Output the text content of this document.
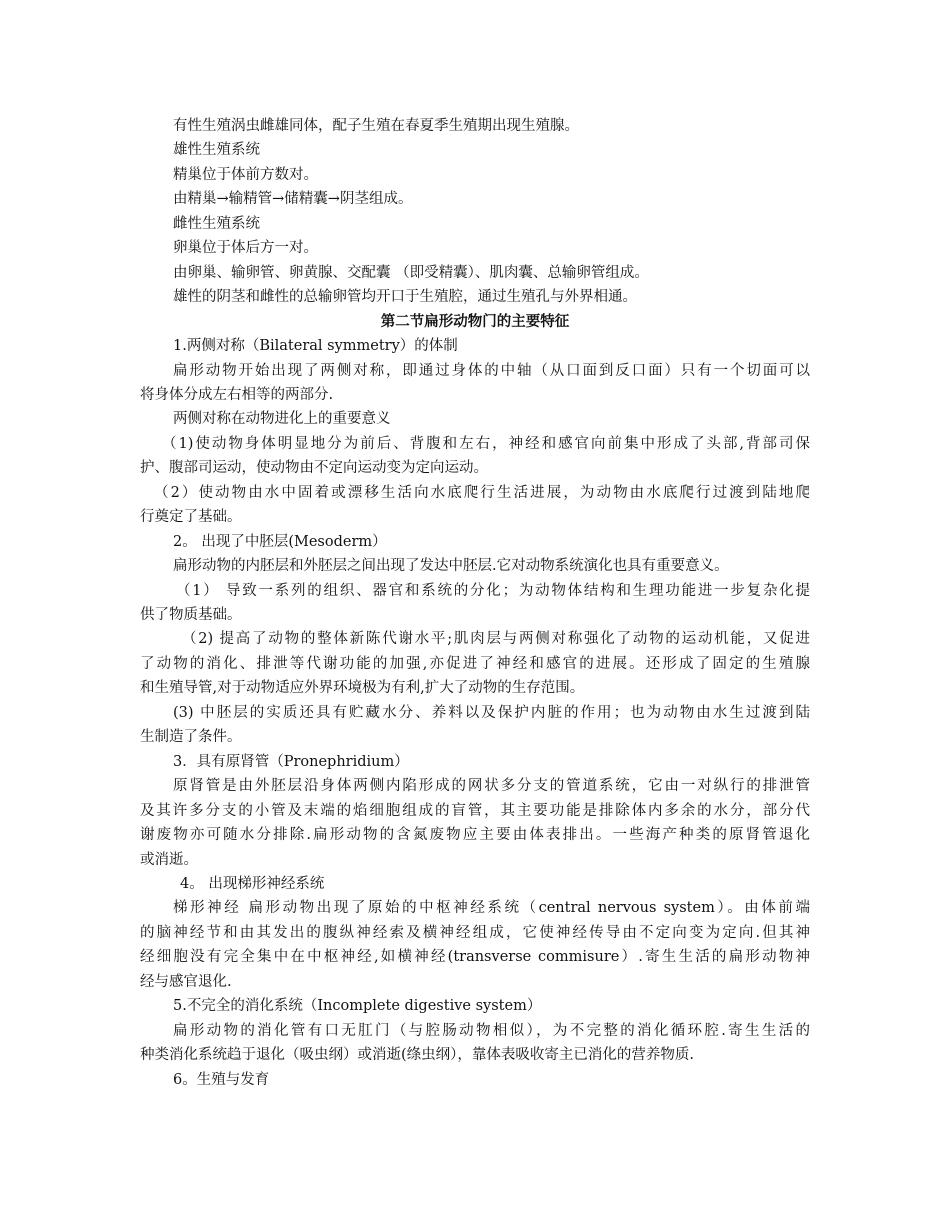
有性生殖涡虫雌雄同体，配子生殖在春夏季生殖期出现生殖腺。
雄性生殖系统
精巢位于体前方数对。
由精巢→输精管→储精囊→阴茎组成。
雌性生殖系统
卵巢位于体后方一对。
由卵巢、输卵管、卵黄腺、交配囊 （即受精囊）、肌肉囊、总输卵管组成。
雄性的阴茎和雌性的总输卵管均开口于生殖腔，通过生殖孔与外界相通。
第二节扁形动物门的主要特征
1.两侧对称（Bilateral symmetry）的体制
扁形动物开始出现了两侧对称，即通过身体的中轴（从口面到反口面）只有一个切面可以
将身体分成左右相等的两部分.
两侧对称在动物进化上的重要意义
（1)使动物身体明显地分为前后、背腹和左右，神经和感官向前集中形成了头部,背部司保
护、腹部司运动，使动物由不定向运动变为定向运动。
（2）使动物由水中固着或漂移生活向水底爬行生活进展，为动物由水底爬行过渡到陆地爬
行奠定了基础。
2。 出现了中胚层(Mesoderm）
扁形动物的内胚层和外胚层之间出现了发达中胚层.它对动物系统演化也具有重要意义。
（1） 导致一系列的组织、器官和系统的分化；为动物体结构和生理功能进一步复杂化提
供了物质基础。
（2) 提高了动物的整体新陈代谢水平;肌肉层与两侧对称强化了动物的运动机能，又促进
了动物的消化、排泄等代谢功能的加强,亦促进了神经和感官的进展。还形成了固定的生殖腺
和生殖导管,对于动物适应外界环境极为有利,扩大了动物的生存范围。
(3) 中胚层的实质还具有贮藏水分、养料以及保护内脏的作用；也为动物由水生过渡到陆
生制造了条件。
3．具有原肾管（Pronephridium）
原肾管是由外胚层沿身体两侧内陷形成的网状多分支的管道系统，它由一对纵行的排泄管
及其许多分支的小管及末端的焰细胞组成的盲管，其主要功能是排除体内多余的水分，部分代
谢废物亦可随水分排除.扁形动物的含氮废物应主要由体表排出。一些海产种类的原肾管退化
或消逝。
4。 出现梯形神经系统
梯形神经 扁形动物出现了原始的中枢神经系统（central nervous system）。由体前端
的脑神经节和由其发出的腹纵神经索及横神经组成，它使神经传导由不定向变为定向.但其神
经细胞没有完全集中在中枢神经,如横神经(transverse commisure）.寄生生活的扁形动物神
经与感官退化.
5.不完全的消化系统（Incomplete digestive system）
扁形动物的消化管有口无肛门（与腔肠动物相似），为不完整的消化循环腔.寄生生活的
种类消化系统趋于退化（吸虫纲）或消逝(绦虫纲），靠体表吸收寄主已消化的营养物质.
6。生殖与发育
